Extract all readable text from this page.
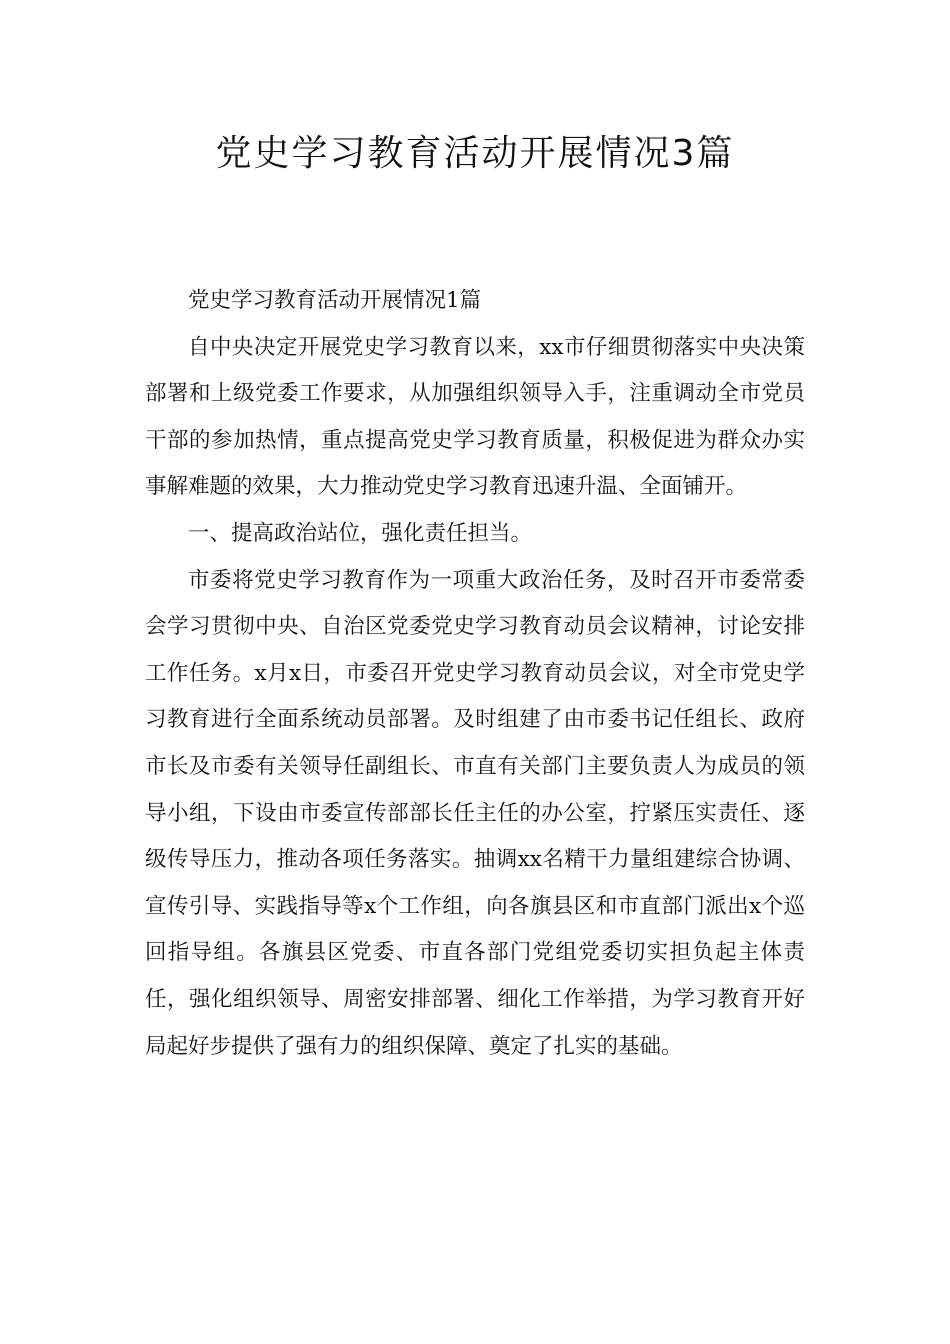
党史学习教育活动开展情况3篇

党史学习教育活动开展情况1篇

自中央决定开展党史学习教育以来，xx市仔细贯彻落实中央决策部署和上级党委工作要求，从加强组织领导入手，注重调动全市党员干部的参加热情，重点提高党史学习教育质量，积极促进为群众办实事解难题的效果，大力推动党史学习教育迅速升温、全面铺开。

一、提高政治站位，强化责任担当。

市委将党史学习教育作为一项重大政治任务，及时召开市委常委会学习贯彻中央、自治区党委党史学习教育动员会议精神，讨论安排工作任务。x月x日，市委召开党史学习教育动员会议，对全市党史学习教育进行全面系统动员部署。及时组建了由市委书记任组长、政府市长及市委有关领导任副组长、市直有关部门主要负责人为成员的领导小组，下设由市委宣传部部长任主任的办公室，拧紧压实责任、逐级传导压力，推动各项任务落实。抽调xx名精干力量组建综合协调、宣传引导、实践指导等x个工作组，向各旗县区和市直部门派出x个巡回指导组。各旗县区党委、市直各部门党组党委切实担负起主体责任，强化组织领导、周密安排部署、细化工作举措，为学习教育开好局起好步提供了强有力的组织保障、奠定了扎实的基础。
